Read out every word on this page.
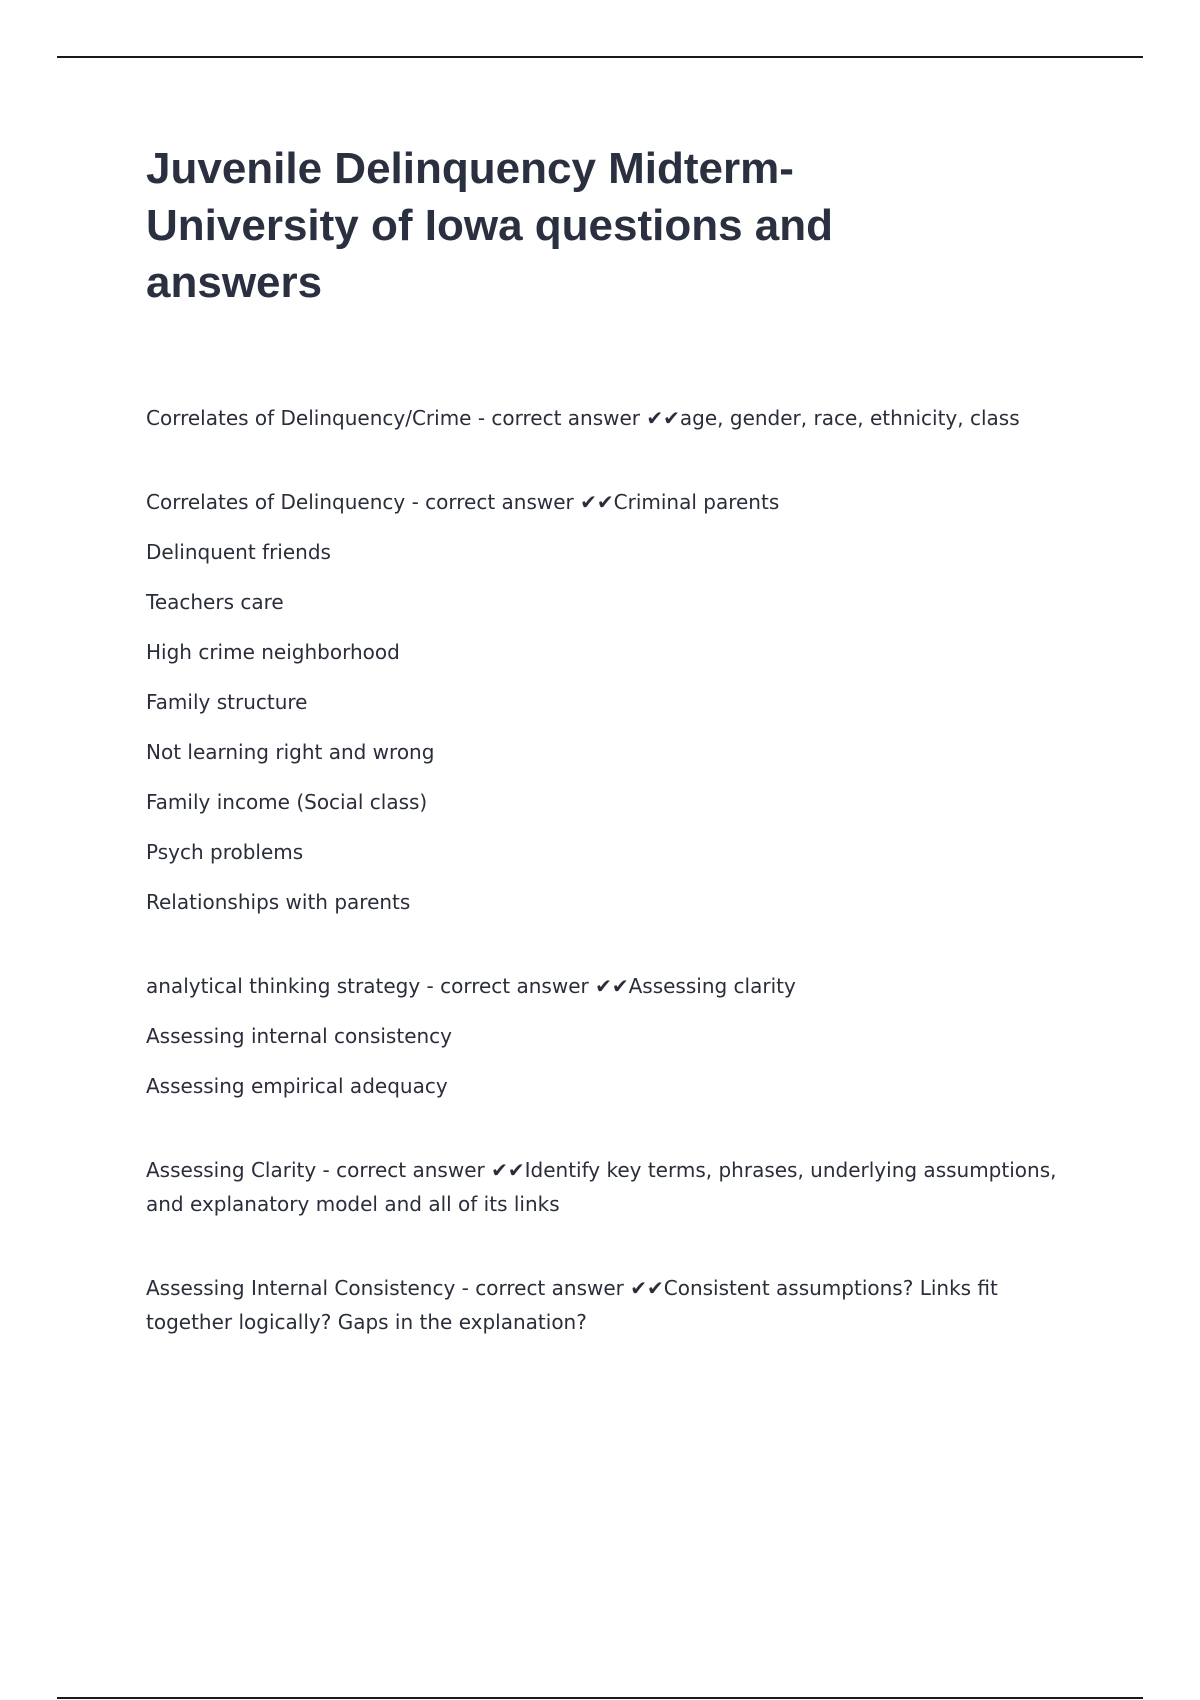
Juvenile Delinquency Midterm- University of Iowa questions and answers

Correlates of Delinquency/Crime - correct answer ✔✔age, gender, race, ethnicity, class

Correlates of Delinquency - correct answer ✔✔Criminal parents

Delinquent friends

Teachers care

High crime neighborhood

Family structure

Not learning right and wrong

Family income (Social class)

Psych problems

Relationships with parents

analytical thinking strategy - correct answer ✔✔Assessing clarity

Assessing internal consistency

Assessing empirical adequacy

Assessing Clarity - correct answer ✔✔Identify key terms, phrases, underlying assumptions, and explanatory model and all of its links

Assessing Internal Consistency - correct answer ✔✔Consistent assumptions? Links fit together logically? Gaps in the explanation?
